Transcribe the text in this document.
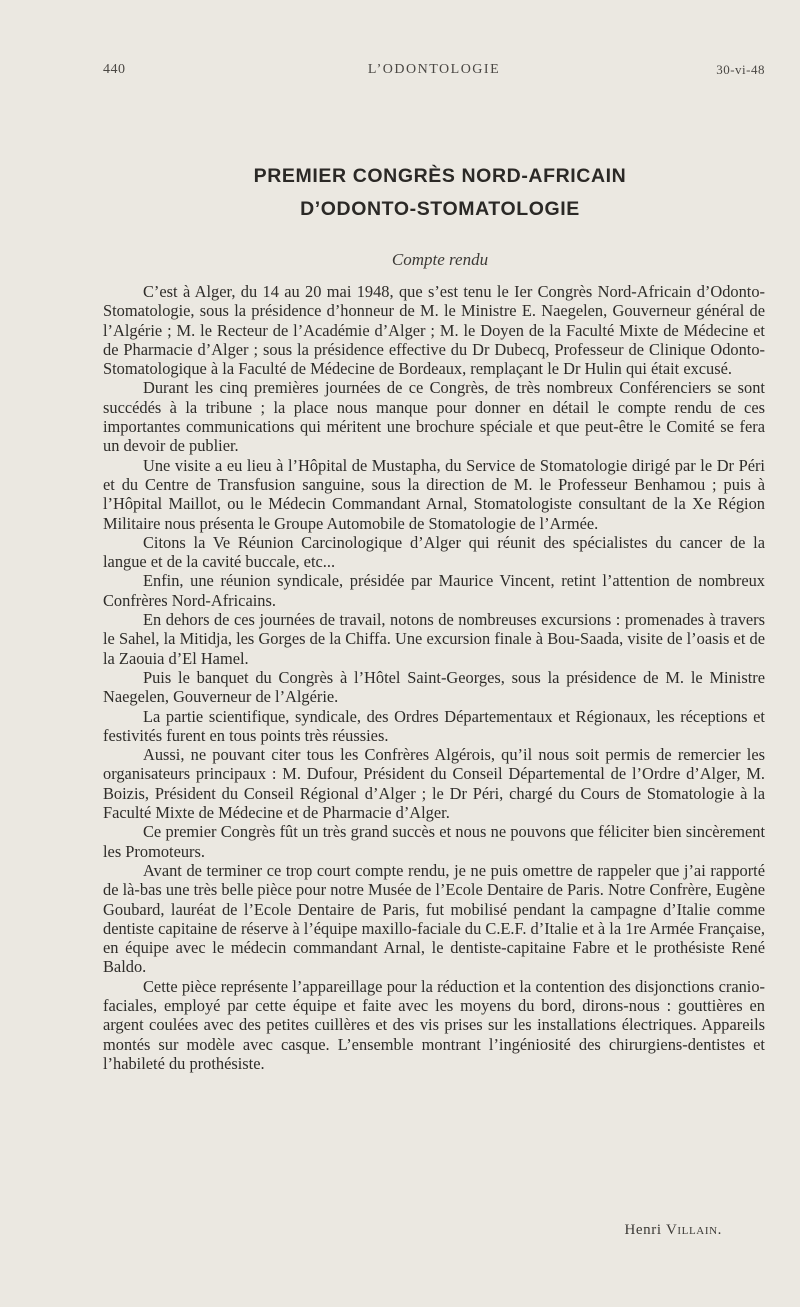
440	L’ODONTOLOGIE	30-vi-48
PREMIER CONGRÈS NORD-AFRICAIN
D’ODONTO-STOMATOLOGIE
Compte rendu

C’est à Alger, du 14 au 20 mai 1948, que s’est tenu le Ier Congrès Nord-Africain d’Odonto-Stomatologie, sous la présidence d’honneur de M. le Ministre E. Naegelen, Gouverneur général de l’Algérie ; M. le Recteur de l’Académie d’Alger ; M. le Doyen de la Faculté Mixte de Médecine et de Pharmacie d’Alger ; sous la présidence effective du Dr Dubecq, Professeur de Clinique Odonto-Stomatologique à la Faculté de Médecine de Bordeaux, remplaçant le Dr Hulin qui était excusé.

Durant les cinq premières journées de ce Congrès, de très nombreux Conférenciers se sont succédés à la tribune ; la place nous manque pour donner en détail le compte rendu de ces importantes communications qui méritent une brochure spéciale et que peut-être le Comité se fera un devoir de publier.

Une visite a eu lieu à l’Hôpital de Mustapha, du Service de Stomatologie dirigé par le Dr Péri et du Centre de Transfusion sanguine, sous la direction de M. le Professeur Benhamou ; puis à l’Hôpital Maillot, ou le Médecin Commandant Arnal, Stomatologiste consultant de la Xe Région Militaire nous présenta le Groupe Automobile de Stomatologie de l’Armée.

Citons la Ve Réunion Carcinologique d’Alger qui réunit des spécialistes du cancer de la langue et de la cavité buccale, etc...

Enfin, une réunion syndicale, présidée par Maurice Vincent, retint l’attention de nombreux Confrères Nord-Africains.

En dehors de ces journées de travail, notons de nombreuses excursions : promenades à travers le Sahel, la Mitidja, les Gorges de la Chiffa. Une excursion finale à Bou-Saada, visite de l’oasis et de la Zaouia d’El Hamel.

Puis le banquet du Congrès à l’Hôtel Saint-Georges, sous la présidence de M. le Ministre Naegelen, Gouverneur de l’Algérie.

La partie scientifique, syndicale, des Ordres Départementaux et Régionaux, les réceptions et festivités furent en tous points très réussies.

Aussi, ne pouvant citer tous les Confrères Algérois, qu’il nous soit permis de remercier les organisateurs principaux : M. Dufour, Président du Conseil Départemental de l’Ordre d’Alger, M. Boizis, Président du Conseil Régional d’Alger ; le Dr Péri, chargé du Cours de Stomatologie à la Faculté Mixte de Médecine et de Pharmacie d’Alger.

Ce premier Congrès fût un très grand succès et nous ne pouvons que féliciter bien sincèrement les Promoteurs.

Avant de terminer ce trop court compte rendu, je ne puis omettre de rappeler que j’ai rapporté de là-bas une très belle pièce pour notre Musée de l’Ecole Dentaire de Paris. Notre Confrère, Eugène Goubard, lauréat de l’Ecole Dentaire de Paris, fut mobilisé pendant la campagne d’Italie comme dentiste capitaine de réserve à l’équipe maxillo-faciale du C.E.F. d’Italie et à la 1re Armée Française, en équipe avec le médecin commandant Arnal, le dentiste-capitaine Fabre et le prothésiste René Baldo.

Cette pièce représente l’appareillage pour la réduction et la contention des disjonctions cranio-faciales, employé par cette équipe et faite avec les moyens du bord, dirons-nous : gouttières en argent coulées avec des petites cuillères et des vis prises sur les installations électriques. Appareils montés sur modèle avec casque. L’ensemble montrant l’ingéniosité des chirurgiens-dentistes et l’habileté du prothésiste.

Henri Villain.
